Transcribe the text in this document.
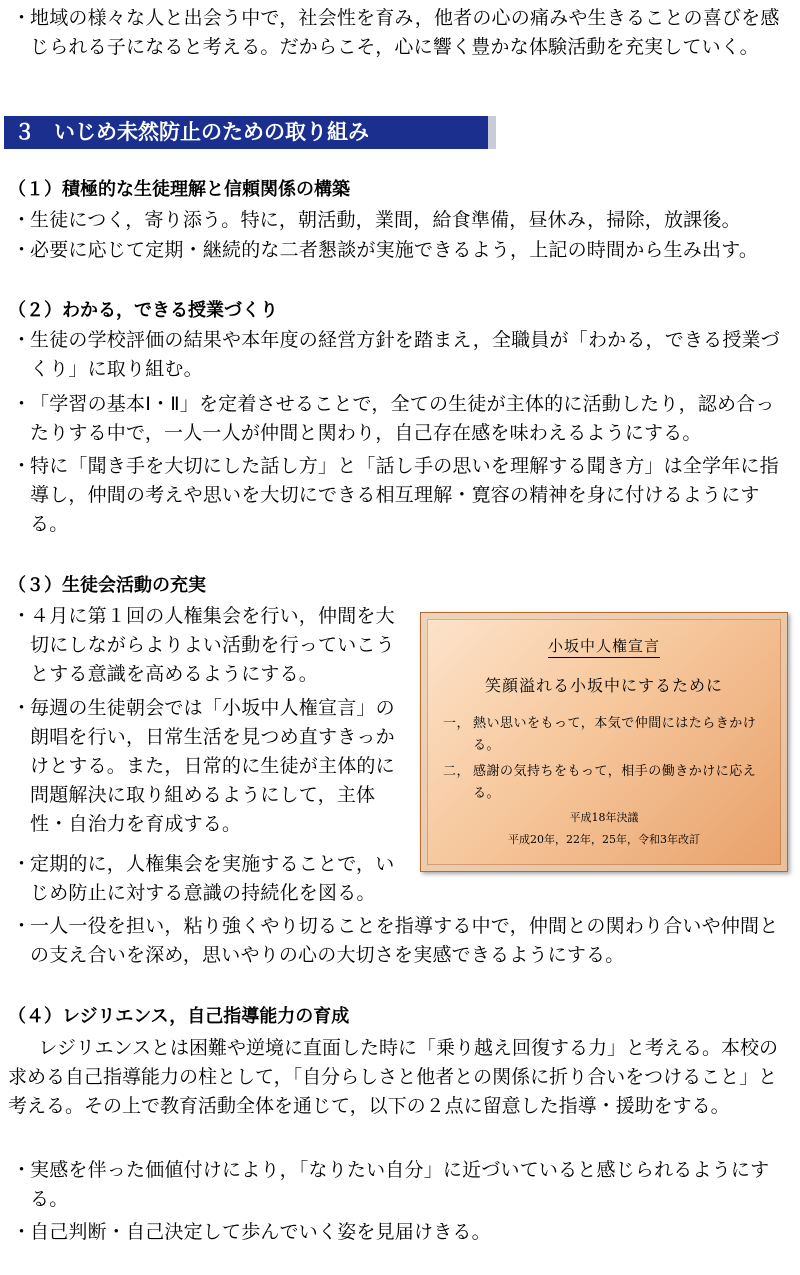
・
地域の様々な人と出会う中で，社会性を育み，他者の心の痛みや生きることの喜びを感じられる子になると考える。だからこそ，心に響く豊かな体験活動を充実していく。
３ いじめ未然防止のための取り組み
（１）積極的な生徒理解と信頼関係の構築
・
生徒につく，寄り添う。特に，朝活動，業間，給食準備，昼休み，掃除，放課後。
・
必要に応じて定期・継続的な二者懇談が実施できるよう，上記の時間から生み出す。
（２）わかる，できる授業づくり
・
生徒の学校評価の結果や本年度の経営方針を踏まえ，全職員が「わかる，できる授業づくり」に取り組む。
・
「学習の基本Ⅰ・Ⅱ」を定着させることで，全ての生徒が主体的に活動したり，認め合ったりする中で，一人一人が仲間と関わり，自己存在感を味わえるようにする。
・
特に「聞き手を大切にした話し方」と「話し手の思いを理解する聞き方」は全学年に指導し，仲間の考えや思いを大切にできる相互理解・寛容の精神を身に付けるようにする。
（３）生徒会活動の充実
・
４月に第１回の人権集会を行い，仲間を大切にしながらよりよい活動を行っていこうとする意識を高めるようにする。
・
毎週の生徒朝会では「小坂中人権宣言」の朗唱を行い，日常生活を見つめ直すきっかけとする。また，日常的に生徒が主体的に問題解決に取り組めるようにして，主体性・自治力を育成する。
・
定期的に，人権集会を実施することで，いじめ防止に対する意識の持続化を図る。
・
一人一役を担い，粘り強くやり切ることを指導する中で，仲間との関わり合いや仲間との支え合いを深め，思いやりの心の大切さを実感できるようにする。
小坂中人権宣言
笑顔溢れる小坂中にするために
一， 熱い思いをもって，本気で仲間にはたらきかける。
二， 感謝の気持ちをもって，相手の働きかけに応える。
平成18年決議
平成20年，22年，25年，令和3年改訂
（４）レジリエンス，自己指導能力の育成
レジリエンスとは困難や逆境に直面した時に「乗り越え回復する力」と考える。本校の求める自己指導能力の柱として，「自分らしさと他者との関係に折り合いをつけること」と考える。その上で教育活動全体を通じて，以下の２点に留意した指導・援助をする。
・
実感を伴った価値付けにより，「なりたい自分」に近づいていると感じられるようにする。
・
自己判断・自己決定して歩んでいく姿を見届けきる。
